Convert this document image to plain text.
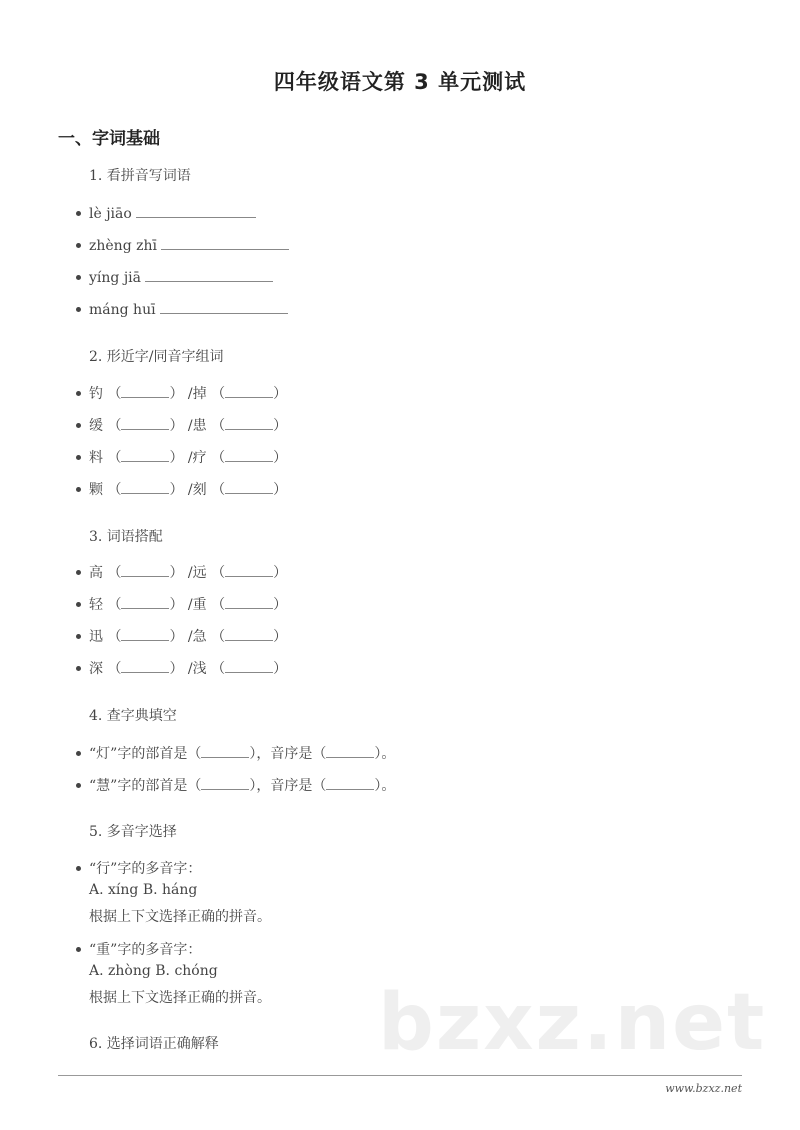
四年级语文第 3 单元测试
一、字词基础
1. 看拼音写词语
lè jiāo
zhèng zhī
yíng jiā
máng huī
2. 形近字/同音字组词
钓 （	） /掉 （	）
缓 （	） /患 （	）
料 （	） /疗 （	）
颗 （	） /刻 （	）
3. 词语搭配
高 （	） /远 （	）
轻 （	） /重 （	）
迅 （	） /急 （	）
深 （	） /浅 （	）
4. 查字典填空
“灯”字的部首是（	），音序是（	）。
“慧”字的部首是（	），音序是（	）。
5. 多音字选择
“行”字的多音字：
A. xíng B. háng
根据上下文选择正确的拼音。
“重”字的多音字：
A. zhòng B. chóng
根据上下文选择正确的拼音。 bzxz.net
6. 选择词语正确解释
www.bzxz.net
